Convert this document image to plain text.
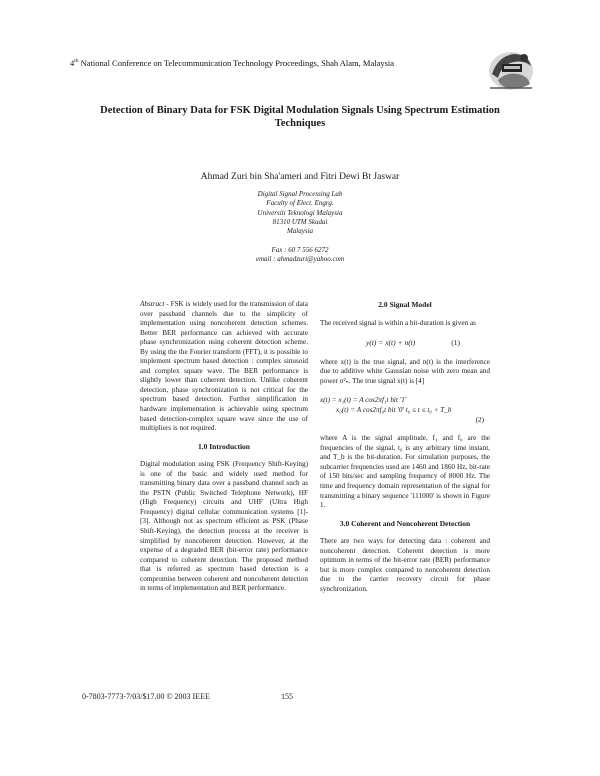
4th National Conference on Telecommunication Technology Proceedings, Shah Alam, Malaysia
Detection of Binary Data for FSK Digital Modulation Signals Using Spectrum Estimation Techniques
Ahmad Zuri bin Sha'ameri and Fitri Dewi Bt Jaswar
Digital Signal Processing Lab
Faculty of Elect. Engrg.
Universiti Teknologi Malaysia
81310 UTM Skudai
Malaysia
Fax : 60 7 556 6272
email : ahmadzuri@yahoo.com

Abstract - FSK is widely used for the transmission of data over passband channels due to the simplicity of implementation using noncoherent detection schemes. Better BER performance can achieved with accurate phase synchronization using coherent detection scheme. By using the the Fourier transform (FFT), it is possible to implement spectrum based detection : complex sinusoid and complex square wave. The BER performance is slightly lower than coherent detection. Unlike coherent detection, phase synchronization is not critical for the spectrum based detection. Further simplification in hardware implementation is achievable using spectrum based detection-complex square wave since the use of multipliers is not required.

1.0 Introduction

Digital modulation using FSK (Frequency Shift-Keying) is one of the basic and widely used method for transmitting binary data over a passband channel such as the PSTN (Public Switched Telephone Network), HF (High Frequency) circuits and UHF (Ultra High Frequency) digital cellular communication systems [1]-[3]. Although not as spectrum efficient as PSK (Phase Shift-Keying), the detection process at the receiver is simplified by noncoherent detection. However, at the expense of a degraded BER (bit-error rate) performance compared to coherent detection. The proposed method that is referred as spectrum based detection is a compromise between coherent and noncoherent detection in terms of implementation and BER performance.

2.0 Signal Model

The received signal is within a bit-duration is given as

y(t) = x(t) + n(t)	(1)

where x(t) is the true signal, and n(t) is the interference due to additive white Gaussian noise with zero mean and power σ²ₙ. The true signal x(t) is [4]

x(t) = x₁(t) = A cos2πf₁t bit '1'
x₀(t) = A cos2πf₀t bit '0' t₀ ≤ t ≤ t₀ + T_b
(2)

where A is the signal amplitude, f₁ and f₀ are the frequencies of the signal, t₀ is any arbitrary time instant, and T_b is the bit-duration. For simulation purposes, the subcarrier frequencies used are 1460 and 1860 Hz, bit-rate of 150 bits/sec and sampling frequency of 8000 Hz. The time and frequency domain representation of the signal for transmitting a binary sequence '111000' is shown in Figure 1.

3.0 Coherent and Noncoherent Detection

There are two ways for detecting data : coherent and noncoherent detection. Coherent detection is more optimum in terms of the bit-error rate (BER) performance but is more complex compared to noncoherent detection due to the carrier recovery circuit for phase synchronization.

0-7803-7773-7/03/$17.00 © 2003 IEEE	155
